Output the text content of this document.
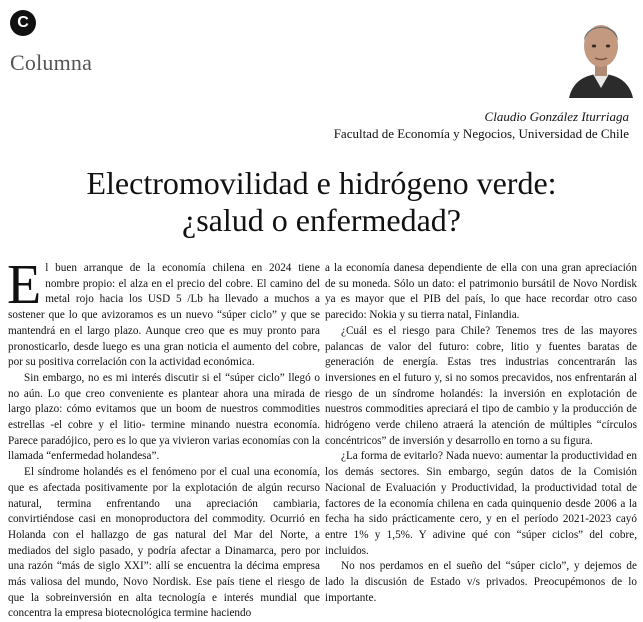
C
Columna
Claudio González Iturriaga
Facultad de Economía y Negocios, Universidad de Chile
Electromovilidad e hidrógeno verde:
¿salud o enfermedad?

El buen arranque de la economía chilena en 2024 tiene nombre propio: el alza en el precio del cobre. El camino del metal rojo hacia los USD 5 /Lb ha llevado a muchos a sostener que lo que avizoramos es un nuevo “súper ciclo” y que se mantendrá en el largo plazo. Aunque creo que es muy pronto para pronosticarlo, desde luego es una gran noticia el aumento del cobre, por su positiva correlación con la actividad económica.

Sin embargo, no es mi interés discutir si el “súper ciclo” llegó o no aún. Lo que creo conveniente es plantear ahora una mirada de largo plazo: cómo evitamos que un boom de nuestros commodities estrellas -el cobre y el litio- termine minando nuestra economía. Parece paradójico, pero es lo que ya vivieron varias economías con la llamada “enfermedad holandesa”.

El síndrome holandés es el fenómeno por el cual una economía, que es afectada positivamente por la explotación de algún recurso natural, termina enfrentando una apreciación cambiaria, convirtiéndose casi en monoproductora del commodity. Ocurrió en Holanda con el hallazgo de gas natural del Mar del Norte, a mediados del siglo pasado, y podría afectar a Dinamarca, pero por una razón “más de siglo XXI”: allí se encuentra la décima empresa más valiosa del mundo, Novo Nordisk. Ese país tiene el riesgo de que la sobreinversión en alta tecnología e interés mundial que concentra la empresa biotecnológica termine haciendo

a la economía danesa dependiente de ella con una gran apreciación de su moneda. Sólo un dato: el patrimonio bursátil de Novo Nordisk ya es mayor que el PIB del país, lo que hace recordar otro caso parecido: Nokia y su tierra natal, Finlandia.

¿Cuál es el riesgo para Chile? Tenemos tres de las mayores palancas de valor del futuro: cobre, litio y fuentes baratas de generación de energía. Estas tres industrias concentrarán las inversiones en el futuro y, si no somos precavidos, nos enfrentarán al riesgo de un síndrome holandés: la inversión en explotación de nuestros commodities apreciará el tipo de cambio y la producción de hidrógeno verde chileno atraerá la atención de múltiples “círculos concéntricos” de inversión y desarrollo en torno a su figura.

¿La forma de evitarlo? Nada nuevo: aumentar la productividad en los demás sectores. Sin embargo, según datos de la Comisión Nacional de Evaluación y Productividad, la productividad total de factores de la economía chilena en cada quinquenio desde 2006 a la fecha ha sido prácticamente cero, y en el período 2021-2023 cayó entre 1% y 1,5%. Y adivine qué con “súper ciclos” del cobre, incluidos.

No nos perdamos en el sueño del “súper ciclo”, y dejemos de lado la discusión de Estado v/s privados. Preocupémonos de lo importante.
